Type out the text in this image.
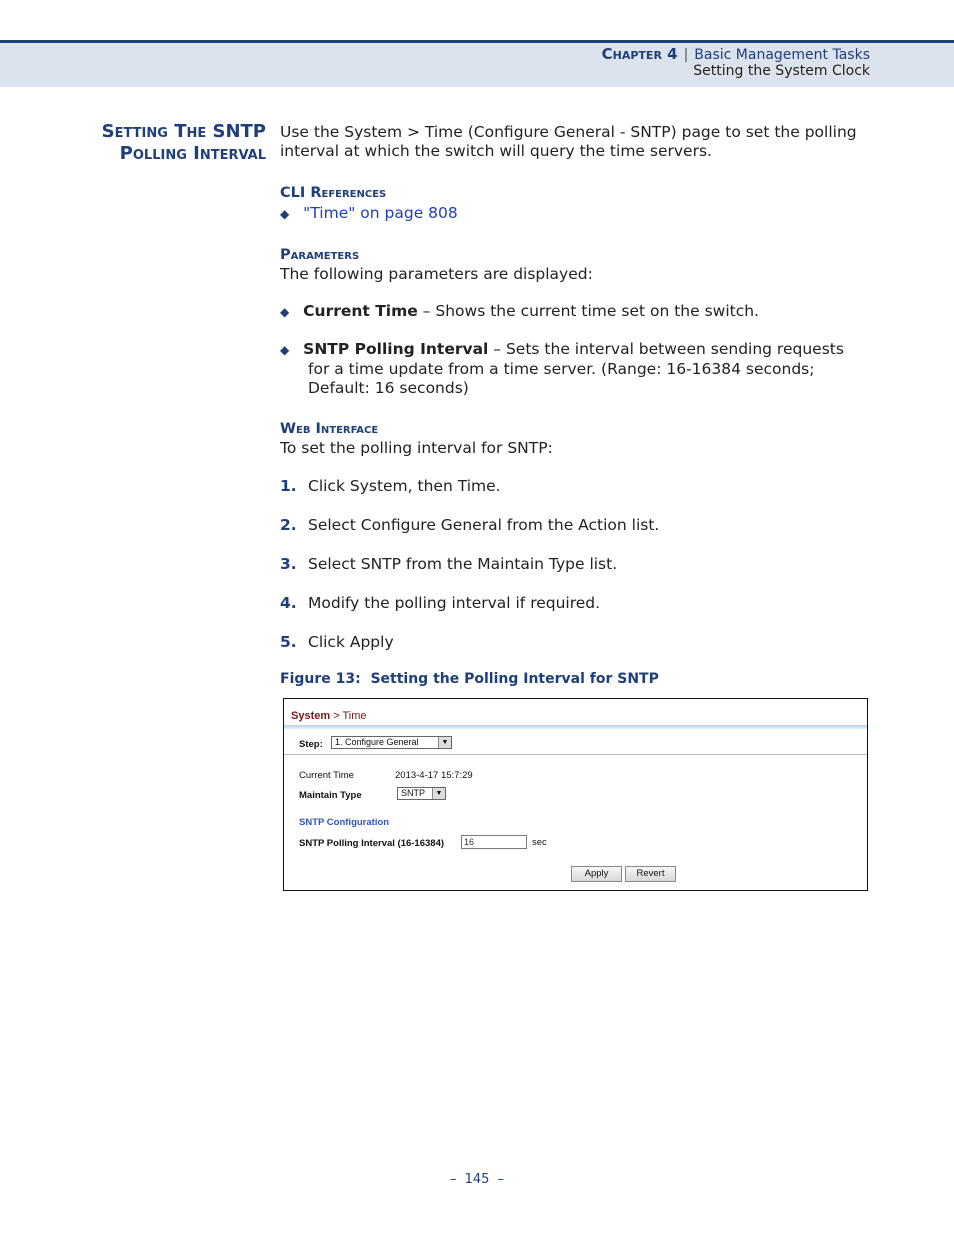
Chapter 4 | Basic Management Tasks
Setting the System Clock
Setting The SNTP
Polling Interval
Use the System > Time (Configure General - SNTP) page to set the polling
interval at which the switch will query the time servers.
CLI References
◆ "Time" on page 808
Parameters
The following parameters are displayed:
◆ Current Time – Shows the current time set on the switch.
◆ SNTP Polling Interval – Sets the interval between sending requests
for a time update from a time server. (Range: 16-16384 seconds;
Default: 16 seconds)
Web Interface
To set the polling interval for SNTP:
1. Click System, then Time.
2. Select Configure General from the Action list.
3. Select SNTP from the Maintain Type list.
4. Modify the polling interval if required.
5. Click Apply
Figure 13:  Setting the Polling Interval for SNTP
System > Time
Step:	1. Configure General	▼
Current Time	2013-4-17 15:7:29
Maintain Type	SNTP	▼
SNTP Configuration
SNTP Polling Interval (16-16384)	16	sec
Apply	Revert
–  145  –
